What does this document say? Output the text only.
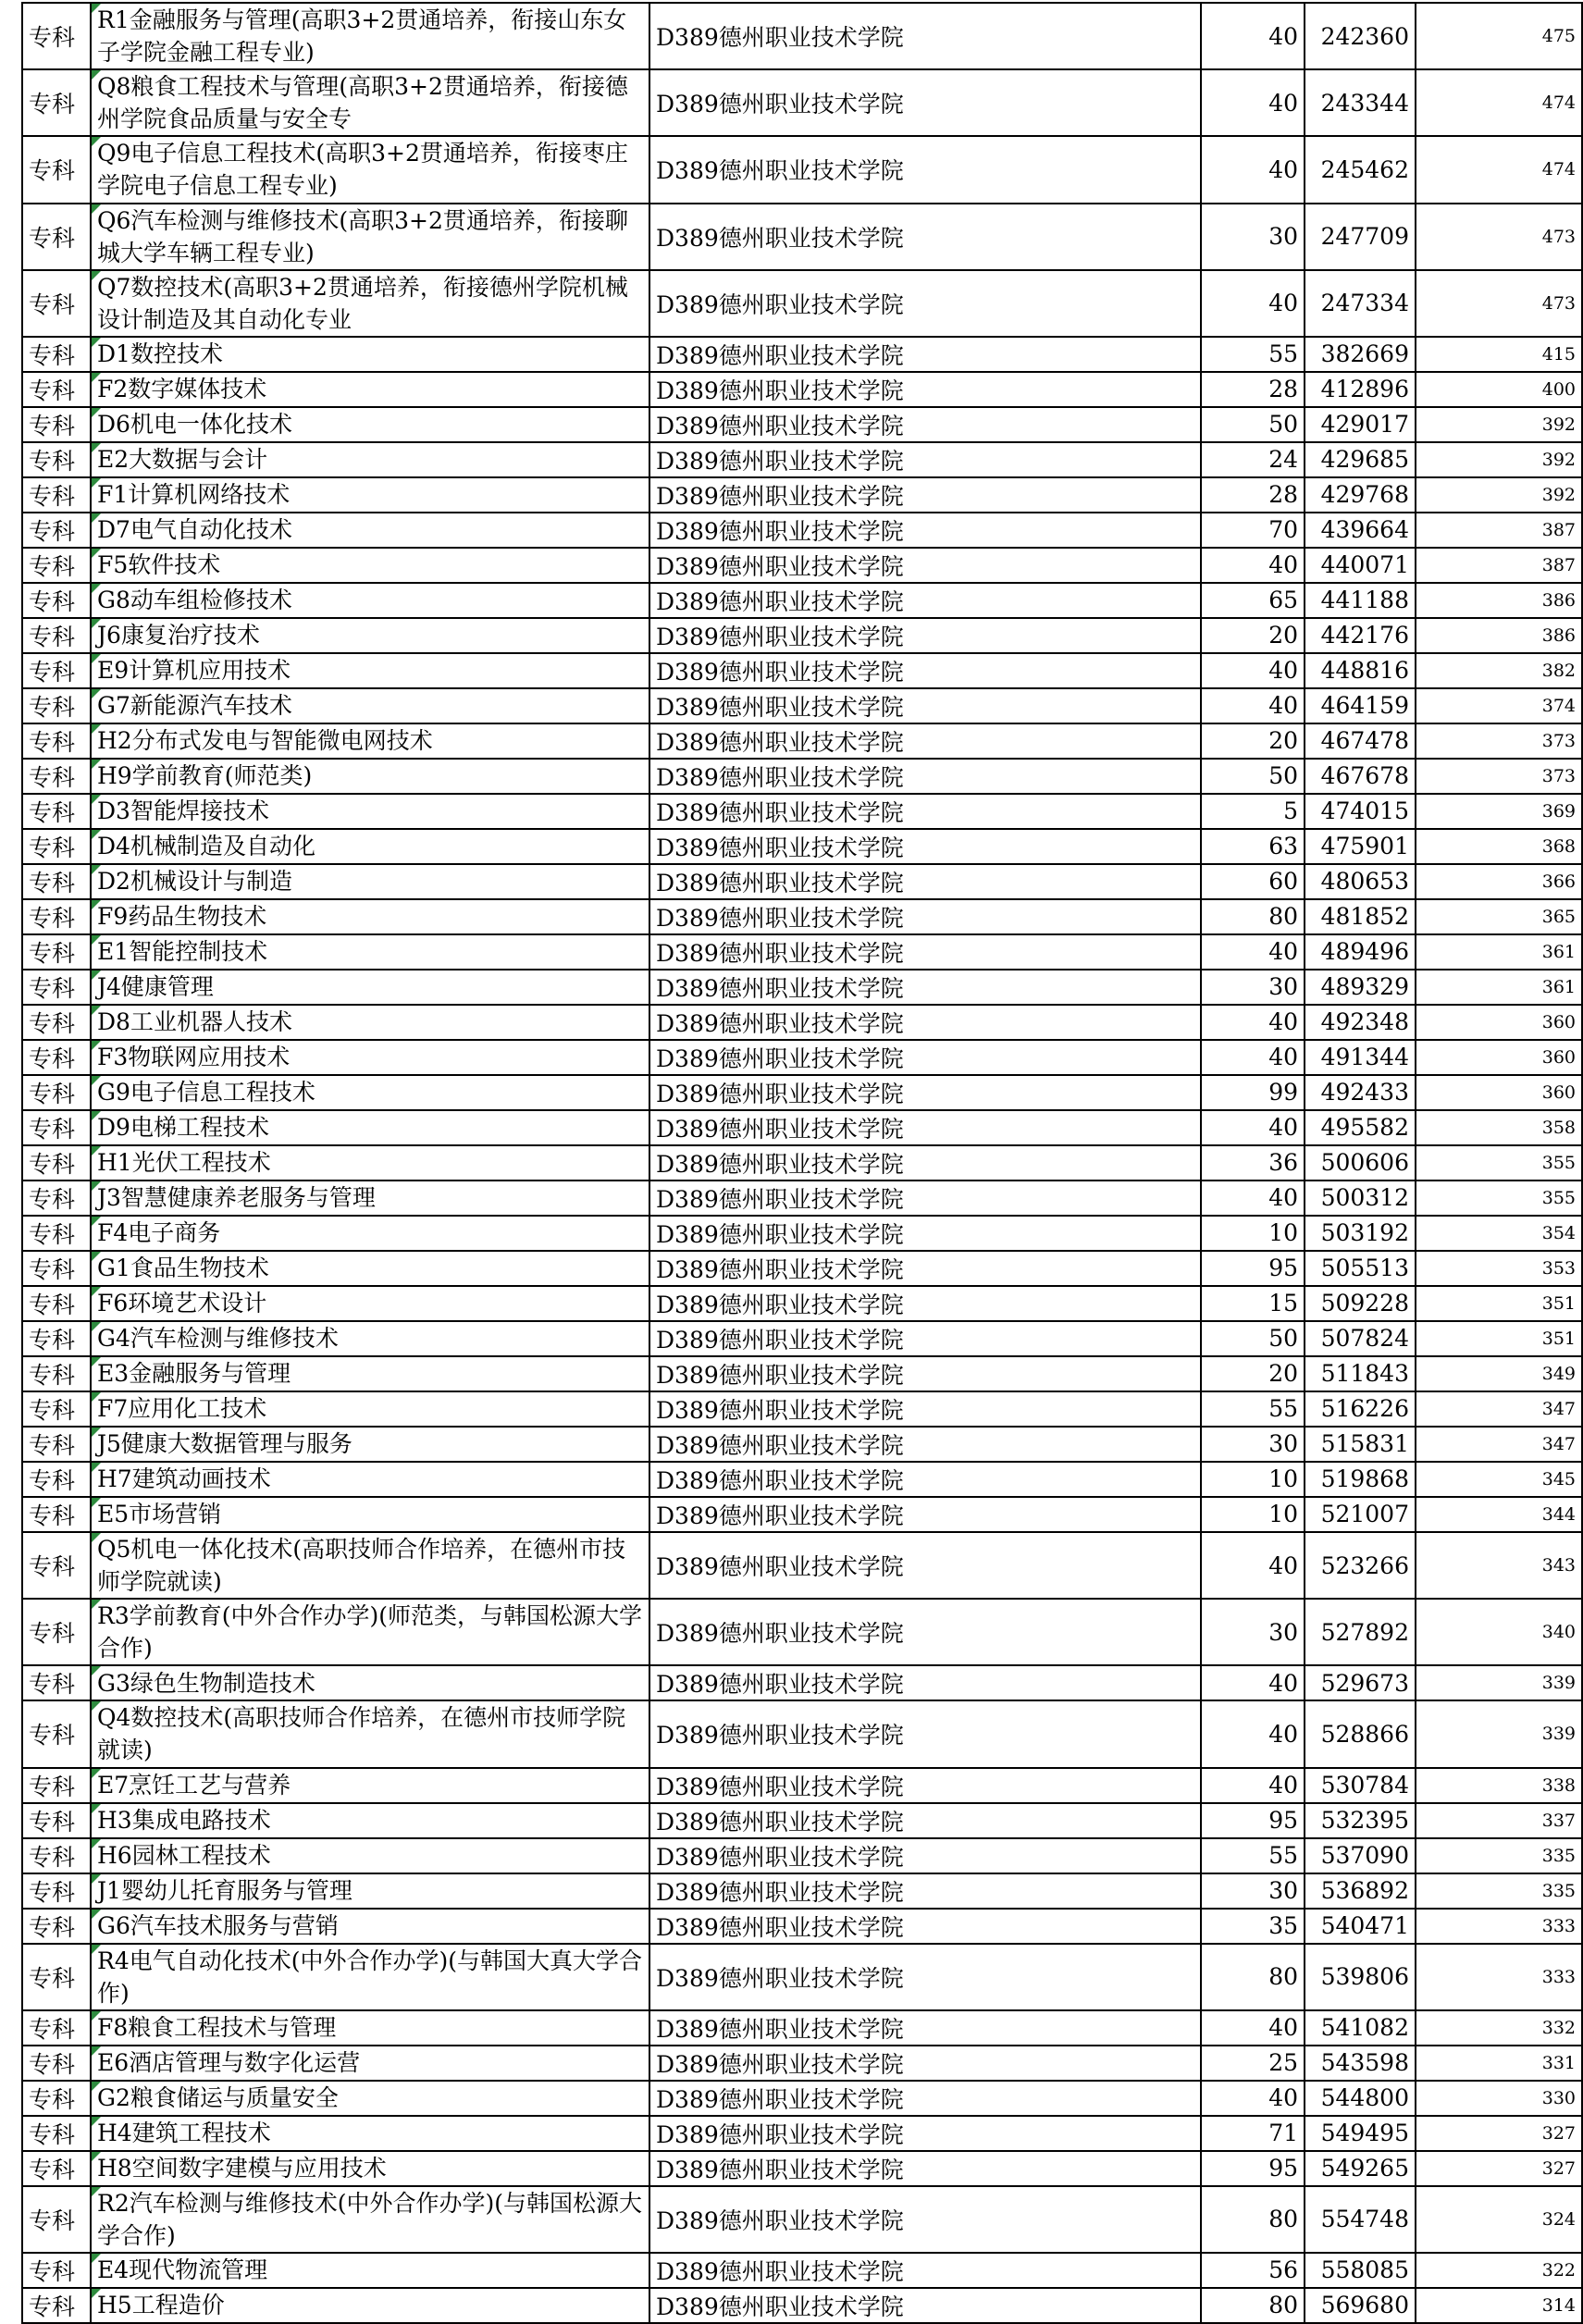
专科	R1金融服务与管理(高职3+2贯通培养，衔接山东女子学院金融工程专业)	D389德州职业技术学院	40	242360	475
专科	Q8粮食工程技术与管理(高职3+2贯通培养，衔接德州学院食品质量与安全专	D389德州职业技术学院	40	243344	474
专科	Q9电子信息工程技术(高职3+2贯通培养，衔接枣庄学院电子信息工程专业)	D389德州职业技术学院	40	245462	474
专科	Q6汽车检测与维修技术(高职3+2贯通培养，衔接聊城大学车辆工程专业)	D389德州职业技术学院	30	247709	473
专科	Q7数控技术(高职3+2贯通培养，衔接德州学院机械设计制造及其自动化专业	D389德州职业技术学院	40	247334	473
专科	D1数控技术	D389德州职业技术学院	55	382669	415
专科	F2数字媒体技术	D389德州职业技术学院	28	412896	400
专科	D6机电一体化技术	D389德州职业技术学院	50	429017	392
专科	E2大数据与会计	D389德州职业技术学院	24	429685	392
专科	F1计算机网络技术	D389德州职业技术学院	28	429768	392
专科	D7电气自动化技术	D389德州职业技术学院	70	439664	387
专科	F5软件技术	D389德州职业技术学院	40	440071	387
专科	G8动车组检修技术	D389德州职业技术学院	65	441188	386
专科	J6康复治疗技术	D389德州职业技术学院	20	442176	386
专科	E9计算机应用技术	D389德州职业技术学院	40	448816	382
专科	G7新能源汽车技术	D389德州职业技术学院	40	464159	374
专科	H2分布式发电与智能微电网技术	D389德州职业技术学院	20	467478	373
专科	H9学前教育(师范类)	D389德州职业技术学院	50	467678	373
专科	D3智能焊接技术	D389德州职业技术学院	5	474015	369
专科	D4机械制造及自动化	D389德州职业技术学院	63	475901	368
专科	D2机械设计与制造	D389德州职业技术学院	60	480653	366
专科	F9药品生物技术	D389德州职业技术学院	80	481852	365
专科	E1智能控制技术	D389德州职业技术学院	40	489496	361
专科	J4健康管理	D389德州职业技术学院	30	489329	361
专科	D8工业机器人技术	D389德州职业技术学院	40	492348	360
专科	F3物联网应用技术	D389德州职业技术学院	40	491344	360
专科	G9电子信息工程技术	D389德州职业技术学院	99	492433	360
专科	D9电梯工程技术	D389德州职业技术学院	40	495582	358
专科	H1光伏工程技术	D389德州职业技术学院	36	500606	355
专科	J3智慧健康养老服务与管理	D389德州职业技术学院	40	500312	355
专科	F4电子商务	D389德州职业技术学院	10	503192	354
专科	G1食品生物技术	D389德州职业技术学院	95	505513	353
专科	F6环境艺术设计	D389德州职业技术学院	15	509228	351
专科	G4汽车检测与维修技术	D389德州职业技术学院	50	507824	351
专科	E3金融服务与管理	D389德州职业技术学院	20	511843	349
专科	F7应用化工技术	D389德州职业技术学院	55	516226	347
专科	J5健康大数据管理与服务	D389德州职业技术学院	30	515831	347
专科	H7建筑动画技术	D389德州职业技术学院	10	519868	345
专科	E5市场营销	D389德州职业技术学院	10	521007	344
专科	Q5机电一体化技术(高职技师合作培养，在德州市技师学院就读)	D389德州职业技术学院	40	523266	343
专科	R3学前教育(中外合作办学)(师范类，与韩国松源大学合作)	D389德州职业技术学院	30	527892	340
专科	G3绿色生物制造技术	D389德州职业技术学院	40	529673	339
专科	Q4数控技术(高职技师合作培养，在德州市技师学院就读)	D389德州职业技术学院	40	528866	339
专科	E7烹饪工艺与营养	D389德州职业技术学院	40	530784	338
专科	H3集成电路技术	D389德州职业技术学院	95	532395	337
专科	H6园林工程技术	D389德州职业技术学院	55	537090	335
专科	J1婴幼儿托育服务与管理	D389德州职业技术学院	30	536892	335
专科	G6汽车技术服务与营销	D389德州职业技术学院	35	540471	333
专科	R4电气自动化技术(中外合作办学)(与韩国大真大学合作)	D389德州职业技术学院	80	539806	333
专科	F8粮食工程技术与管理	D389德州职业技术学院	40	541082	332
专科	E6酒店管理与数字化运营	D389德州职业技术学院	25	543598	331
专科	G2粮食储运与质量安全	D389德州职业技术学院	40	544800	330
专科	H4建筑工程技术	D389德州职业技术学院	71	549495	327
专科	H8空间数字建模与应用技术	D389德州职业技术学院	95	549265	327
专科	R2汽车检测与维修技术(中外合作办学)(与韩国松源大学合作)	D389德州职业技术学院	80	554748	324
专科	E4现代物流管理	D389德州职业技术学院	56	558085	322
专科	H5工程造价	D389德州职业技术学院	80	569680	314
